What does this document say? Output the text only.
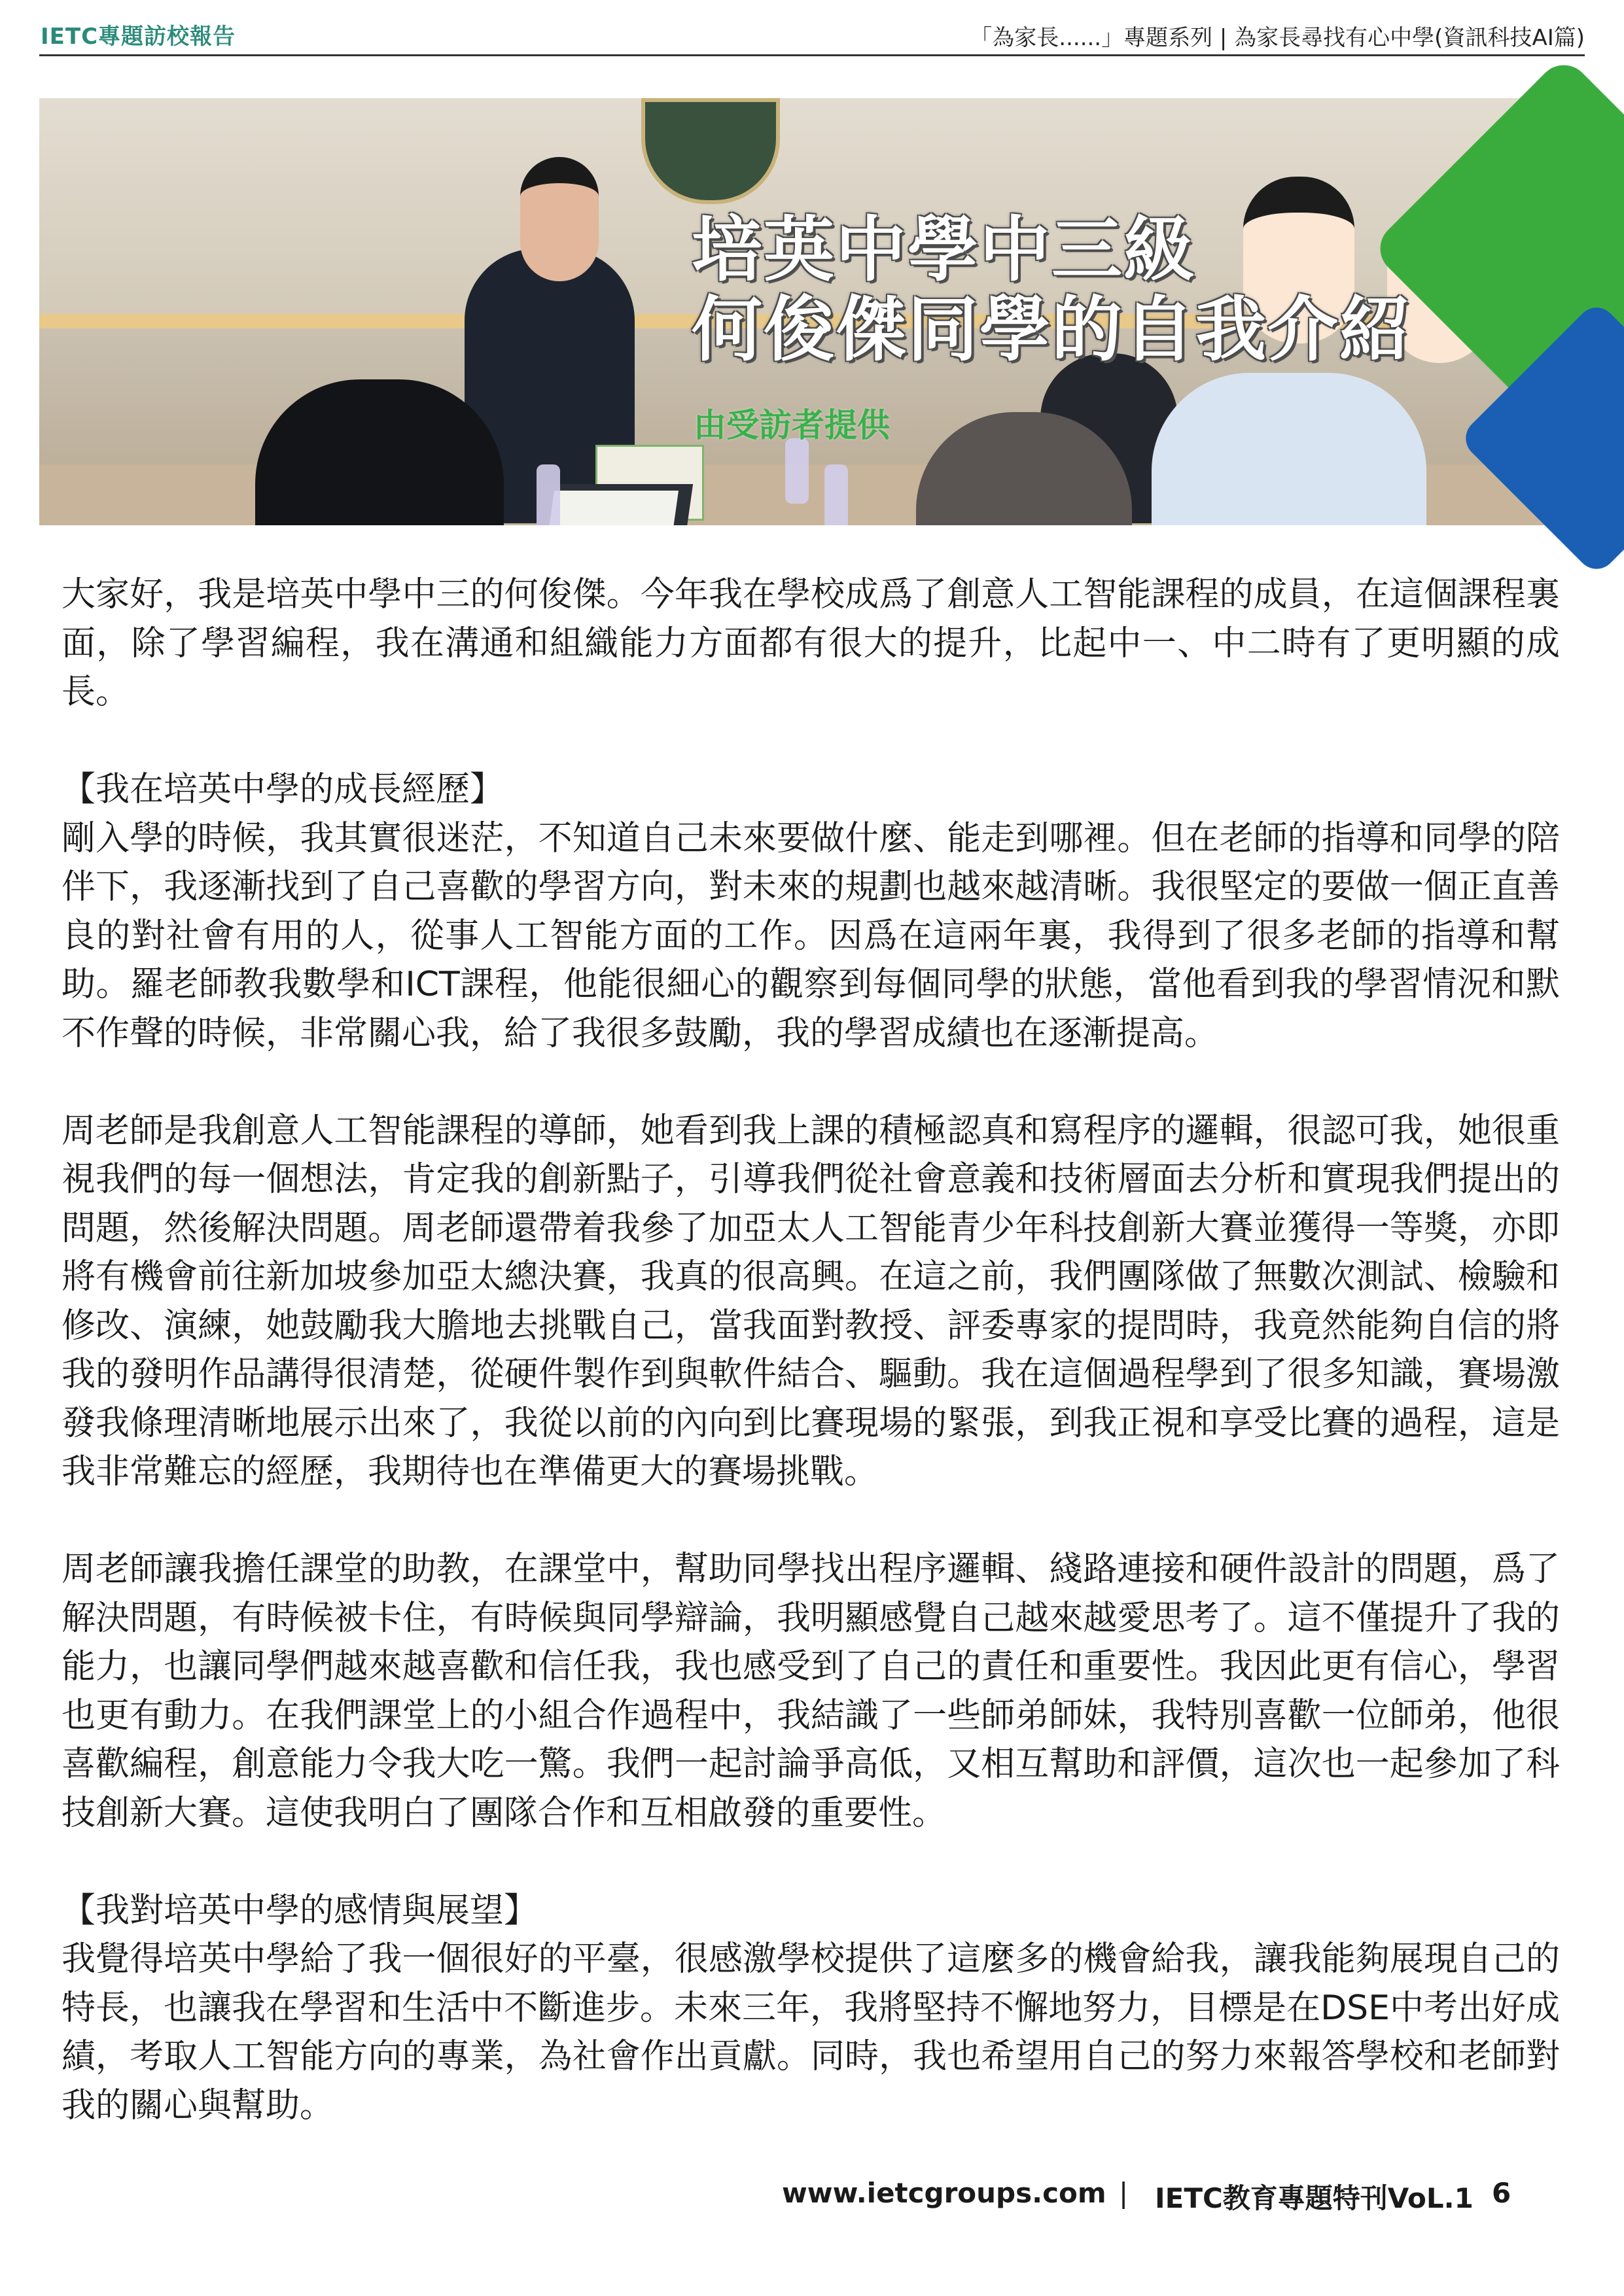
IETC專題訪校報告	「為家長......」專題系列 | 為家長尋找有心中學(資訊科技AI篇)
培英中學中三級
何俊傑同學的自我介紹
由受訪者提供

大家好，我是培英中學中三的何俊傑。今年我在學校成爲了創意人工智能課程的成員，在這個課程裏面，除了學習編程，我在溝通和組織能力方面都有很大的提升，比起中一、中二時有了更明顯的成長。

【我在培英中學的成長經歷】

剛入學的時候，我其實很迷茫，不知道自己未來要做什麼、能走到哪裡。但在老師的指導和同學的陪伴下，我逐漸找到了自己喜歡的學習方向，對未來的規劃也越來越清晰。我很堅定的要做一個正直善良的對社會有用的人，從事人工智能方面的工作。因爲在這兩年裏，我得到了很多老師的指導和幫助。羅老師教我數學和ICT課程，他能很細心的觀察到每個同學的狀態，當他看到我的學習情況和默不作聲的時候，非常關心我，給了我很多鼓勵，我的學習成績也在逐漸提高。

周老師是我創意人工智能課程的導師，她看到我上課的積極認真和寫程序的邏輯，很認可我，她很重視我們的每一個想法，肯定我的創新點子，引導我們從社會意義和技術層面去分析和實現我們提出的問題，然後解決問題。周老師還帶着我參了加亞太人工智能青少年科技創新大賽並獲得一等獎，亦即將有機會前往新加坡參加亞太總決賽，我真的很高興。在這之前，我們團隊做了無數次測試、檢驗和修改、演練，她鼓勵我大膽地去挑戰自己，當我面對教授、評委專家的提問時，我竟然能夠自信的將我的發明作品講得很清楚，從硬件製作到與軟件結合、驅動。我在這個過程學到了很多知識，賽場激發我條理清晰地展示出來了，我從以前的內向到比賽現場的緊張，到我正視和享受比賽的過程，這是我非常難忘的經歷，我期待也在準備更大的賽場挑戰。

周老師讓我擔任課堂的助教，在課堂中，幫助同學找出程序邏輯、綫路連接和硬件設計的問題，爲了解決問題，有時候被卡住，有時候與同學辯論，我明顯感覺自己越來越愛思考了。這不僅提升了我的能力，也讓同學們越來越喜歡和信任我，我也感受到了自己的責任和重要性。我因此更有信心，學習也更有動力。在我們課堂上的小組合作過程中，我結識了一些師弟師妹，我特別喜歡一位師弟，他很喜歡編程，創意能力令我大吃一驚。我們一起討論爭高低，又相互幫助和評價，這次也一起參加了科技創新大賽。這使我明白了團隊合作和互相啟發的重要性。

【我對培英中學的感情與展望】

我覺得培英中學給了我一個很好的平臺，很感激學校提供了這麼多的機會給我，讓我能夠展現自己的特長，也讓我在學習和生活中不斷進步。未來三年，我將堅持不懈地努力，目標是在DSE中考出好成績，考取人工智能方向的專業，為社會作出貢獻。同時，我也希望用自己的努力來報答學校和老師對我的關心與幫助。

www.ietcgroups.com | IETC教育專題特刊VoL.1 6
